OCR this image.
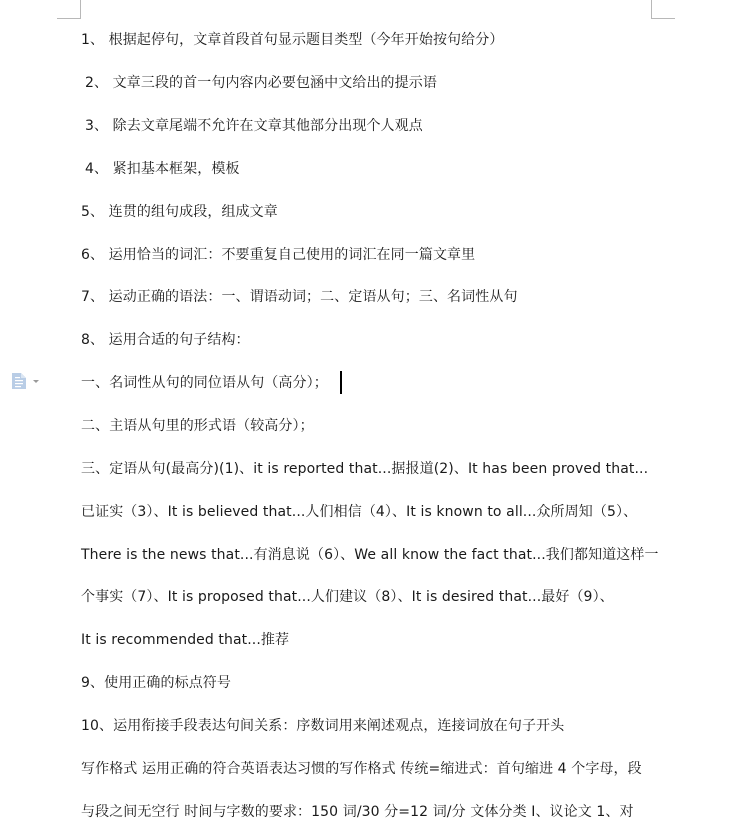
1、 根据起停句，文章首段首句显示题目类型（今年开始按句给分）
2、 文章三段的首一句内容内必要包涵中文给出的提示语
3、 除去文章尾端不允许在文章其他部分出现个人观点
4、 紧扣基本框架，模板
5、 连贯的组句成段，组成文章
6、 运用恰当的词汇：不要重复自己使用的词汇在同一篇文章里
7、 运动正确的语法：一、谓语动词；二、定语从句；三、名词性从句
8、 运用合适的句子结构：
一、名词性从句的同位语从句（高分）；
二、主语从句里的形式语（较高分）；
三、定语从句(最高分)(1)、it is reported that...据报道(2)、It has been proved that...
已证实（3）、It is believed that...人们相信（4）、It is known to all...众所周知（5）、
There is the news that...有消息说（6）、We all know the fact that...我们都知道这样一
个事实（7）、It is proposed that...人们建议（8）、It is desired that...最好（9）、
It is recommended that...推荐
9、使用正确的标点符号
10、运用衔接手段表达句间关系：序数词用来阐述观点，连接词放在句子开头
写作格式 运用正确的符合英语表达习惯的写作格式 传统=缩进式：首句缩进 4 个字母，段
与段之间无空行 时间与字数的要求：150 词/30 分=12 词/分 文体分类 I、议论文 1、对
